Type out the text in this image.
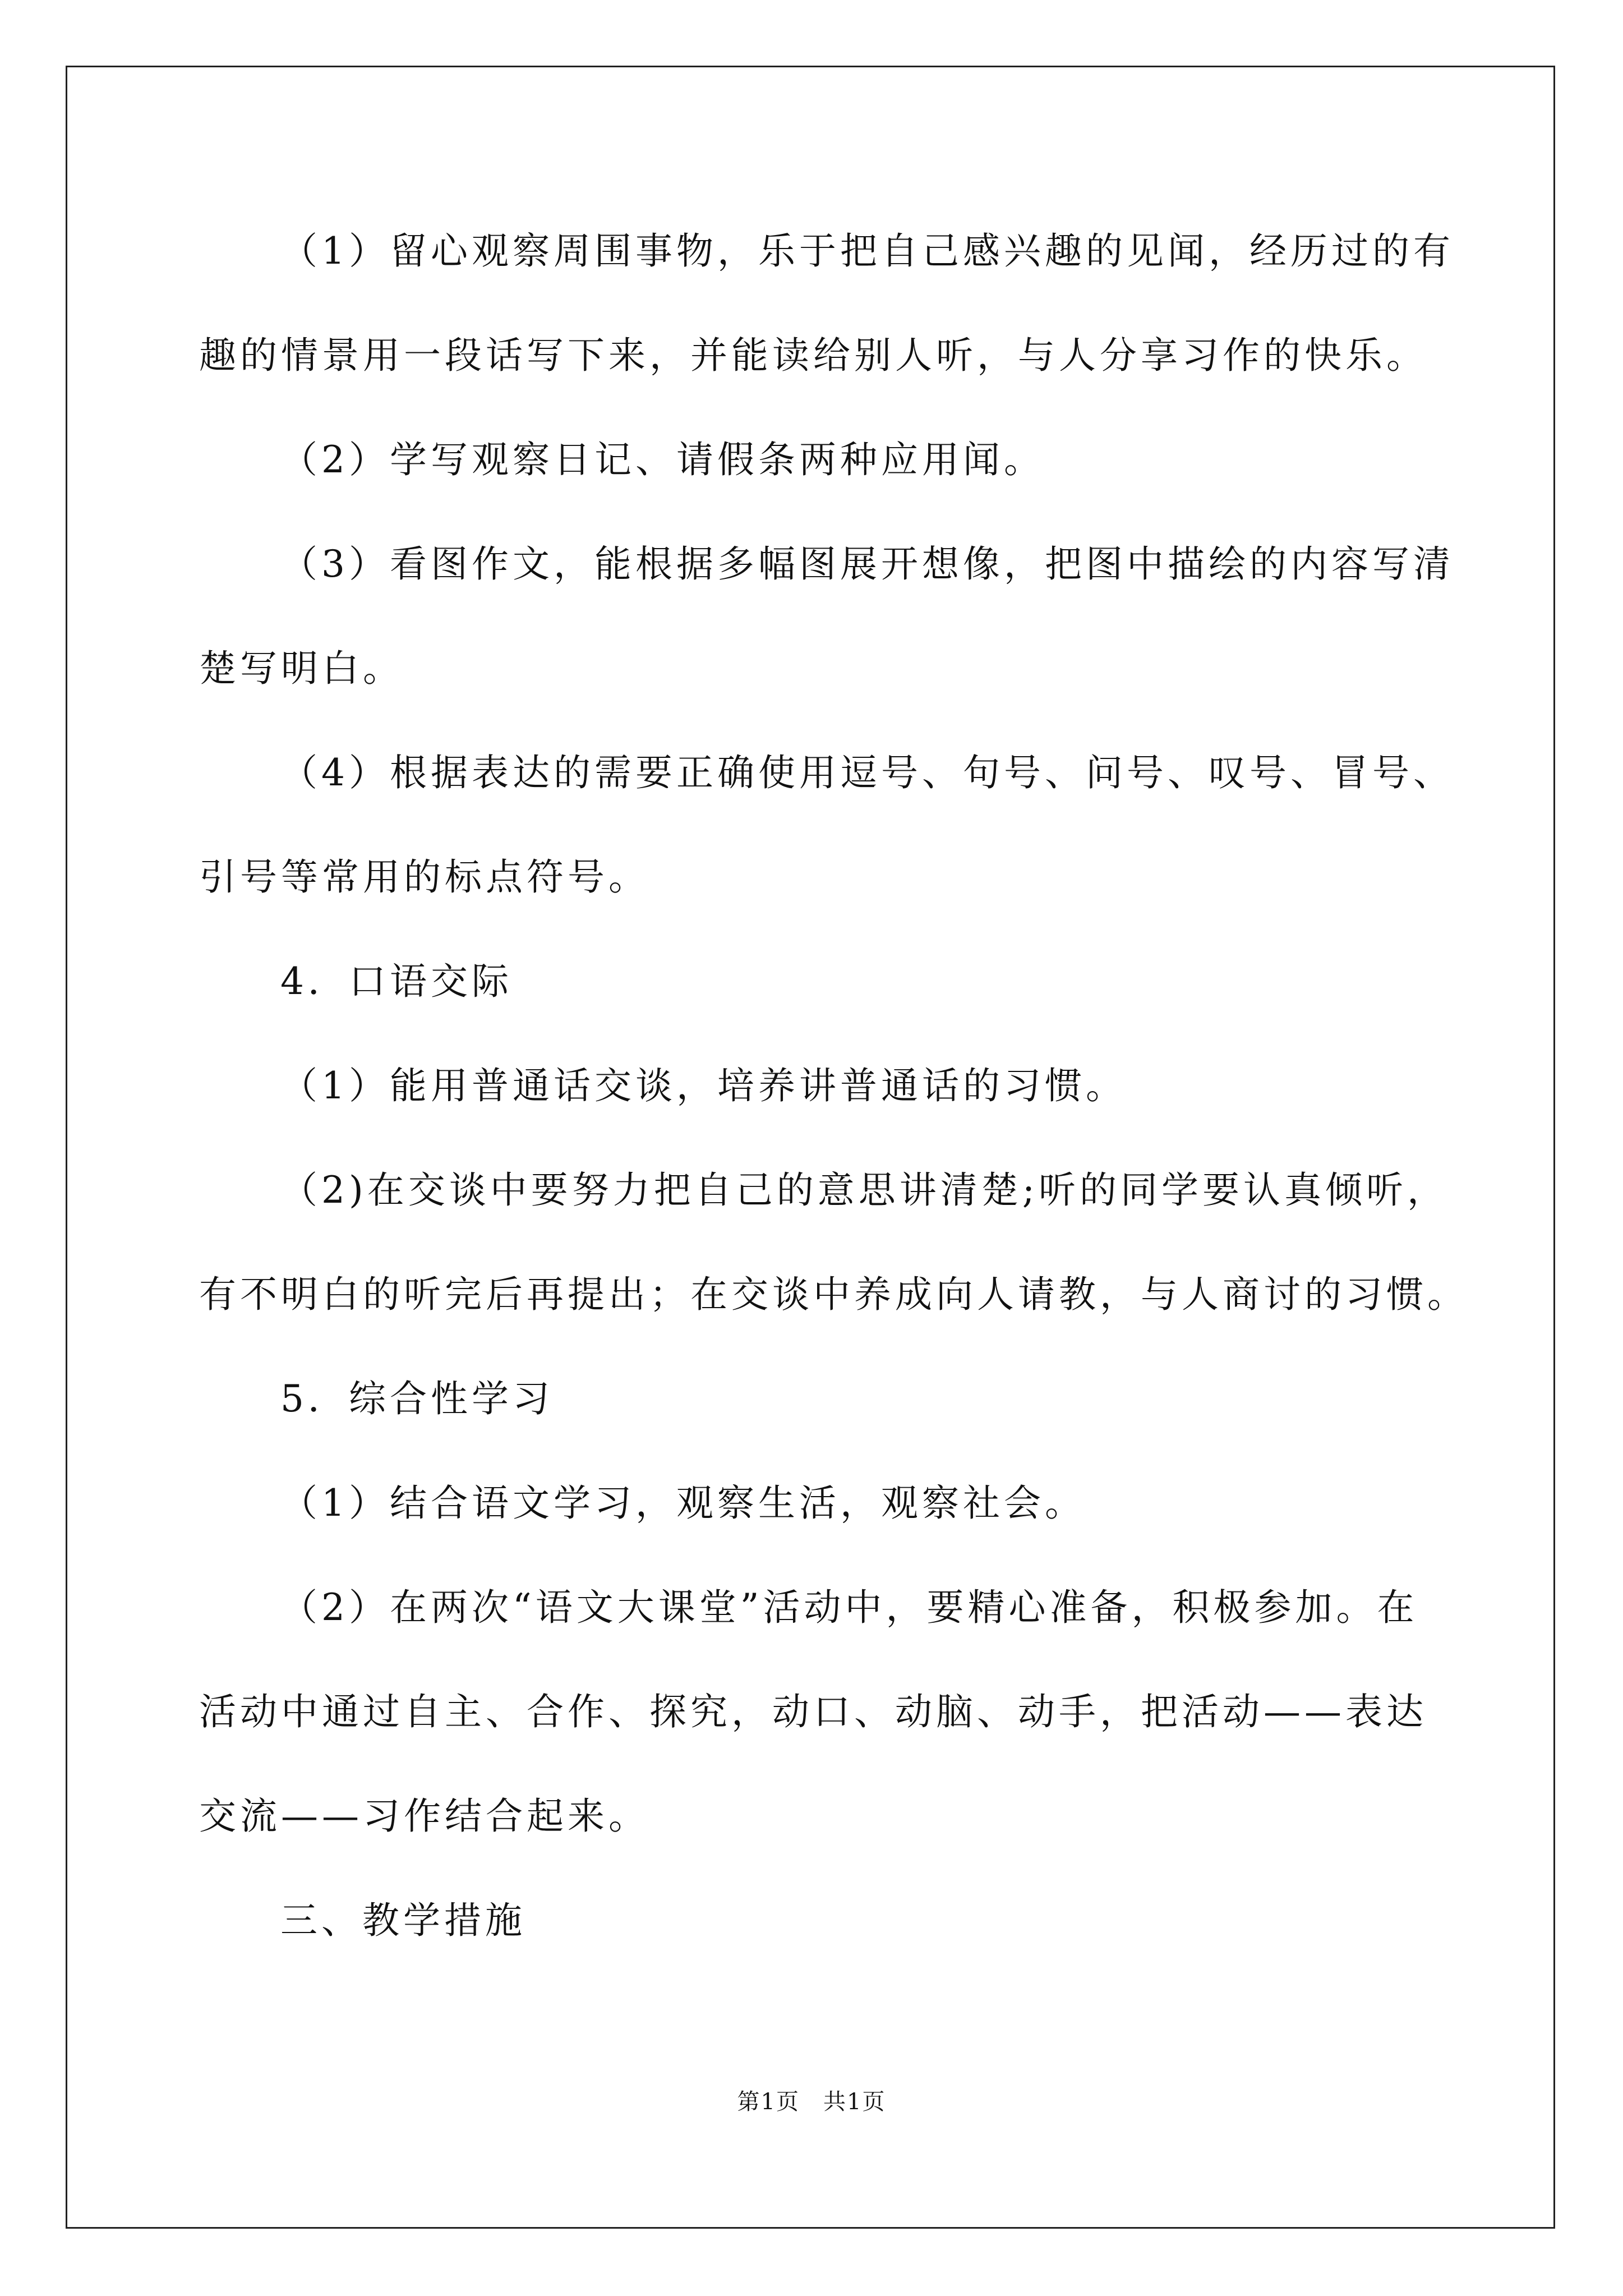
（1）留心观察周围事物，乐于把自己感兴趣的见闻，经历过的有
趣的情景用一段话写下来，并能读给别人听，与人分享习作的快乐。
（2）学写观察日记、请假条两种应用闻。
（3）看图作文，能根据多幅图展开想像，把图中描绘的内容写清
楚写明白。
（4）根据表达的需要正确使用逗号、句号、问号、叹号、冒号、
引号等常用的标点符号。
4．口语交际
（1）能用普通话交谈，培养讲普通话的习惯。
（2)在交谈中要努力把自己的意思讲清楚;听的同学要认真倾听，
有不明白的听完后再提出；在交谈中养成向人请教，与人商讨的习惯。
5．综合性学习
（1）结合语文学习，观察生活，观察社会。
（2）在两次“语文大课堂”活动中，要精心准备，积极参加。在
活动中通过自主、合作、探究，动口、动脑、动手，把活动——表达
交流——习作结合起来。
三、教学措施
第1页　共1页
